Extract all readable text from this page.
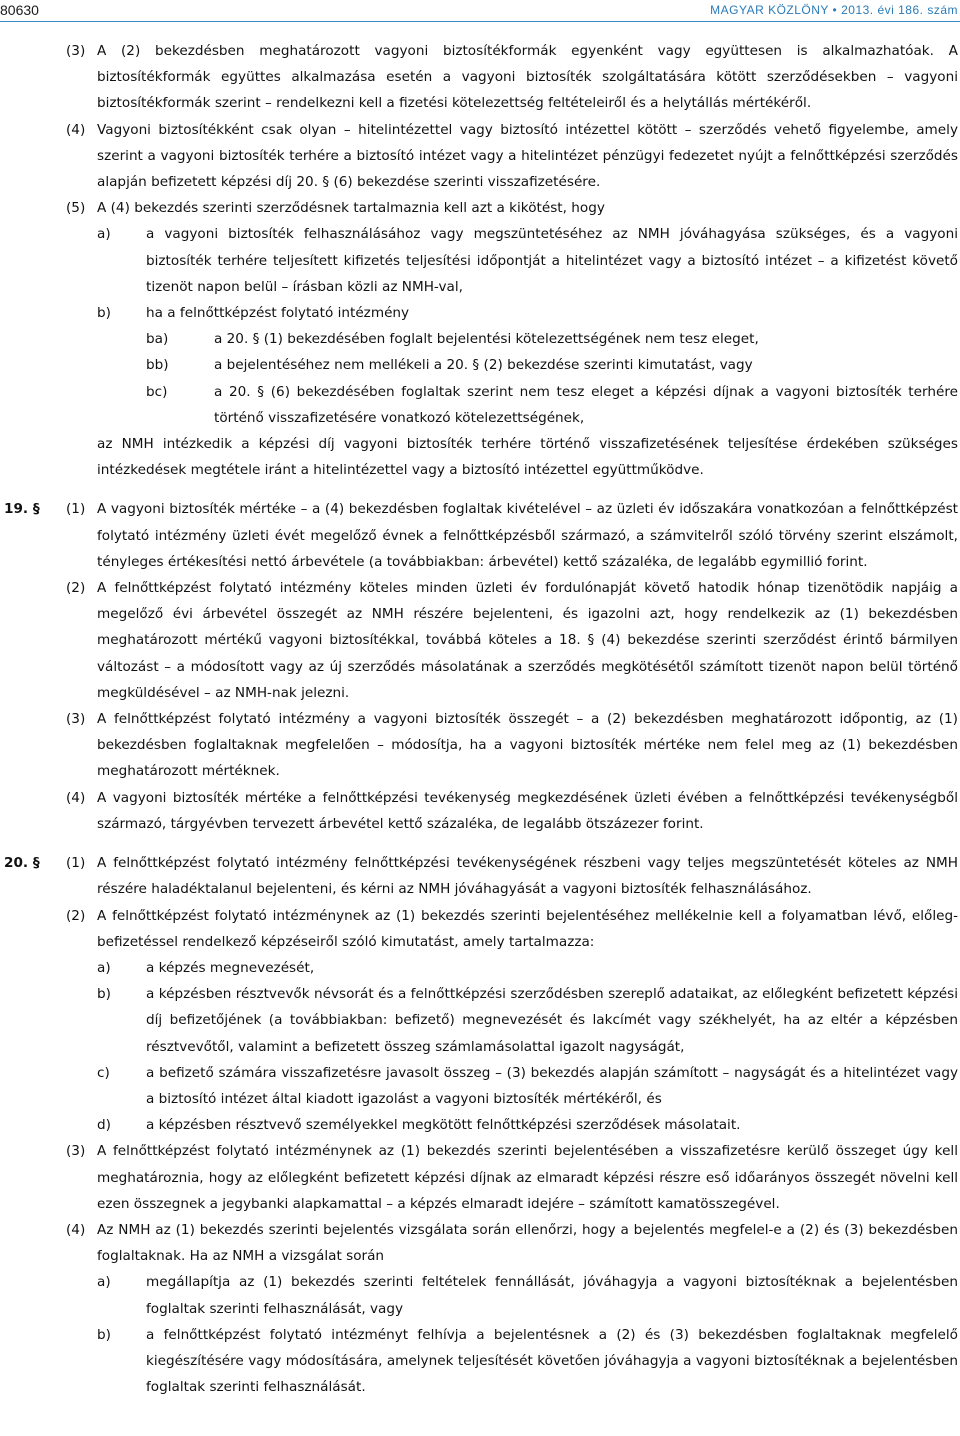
80630	MAGYAR KÖZLÖNY • 2013. évi 186. szám
(3) A (2) bekezdésben meghatározott vagyoni biztosítékformák egyenként vagy együttesen is alkalmazhatóak. A biztosítékformák együttes alkalmazása esetén a vagyoni biztosíték szolgáltatására kötött szerződésekben – vagyoni biztosítékformák szerint – rendelkezni kell a fizetési kötelezettség feltételeiről és a helytállás mértékéről.
(4) Vagyoni biztosítékként csak olyan – hitelintézettel vagy biztosító intézettel kötött – szerződés vehető figyelembe, amely szerint a vagyoni biztosíték terhére a biztosító intézet vagy a hitelintézet pénzügyi fedezetet nyújt a felnőttképzési szerződés alapján befizetett képzési díj 20. § (6) bekezdése szerinti visszafizetésére.
(5) A (4) bekezdés szerinti szerződésnek tartalmaznia kell azt a kikötést, hogy
a)	a vagyoni biztosíték felhasználásához vagy megszüntetéséhez az NMH jóváhagyása szükséges, és a vagyoni biztosíték terhére teljesített kifizetés teljesítési időpontját a hitelintézet vagy a biztosító intézet – a kifizetést követő tizenöt napon belül – írásban közli az NMH-val,
b)	ha a felnőttképzést folytató intézmény
ba)	a 20. § (1) bekezdésében foglalt bejelentési kötelezettségének nem tesz eleget,
bb)	a bejelentéséhez nem mellékeli a 20. § (2) bekezdése szerinti kimutatást, vagy
bc)	a 20. § (6) bekezdésében foglaltak szerint nem tesz eleget a képzési díjnak a vagyoni biztosíték terhére történő visszafizetésére vonatkozó kötelezettségének,
az NMH intézkedik a képzési díj vagyoni biztosíték terhére történő visszafizetésének teljesítése érdekében szükséges intézkedések megtétele iránt a hitelintézettel vagy a biztosító intézettel együttműködve.
19. § (1) A vagyoni biztosíték mértéke – a (4) bekezdésben foglaltak kivételével – az üzleti év időszakára vonatkozóan a felnőttképzést folytató intézmény üzleti évét megelőző évnek a felnőttképzésből származó, a számvitelről szóló törvény szerint elszámolt, tényleges értékesítési nettó árbevétele (a továbbiakban: árbevétel) kettő százaléka, de legalább egymillió forint.
(2) A felnőttképzést folytató intézmény köteles minden üzleti év fordulónapját követő hatodik hónap tizenötödik napjáig a megelőző évi árbevétel összegét az NMH részére bejelenteni, és igazolni azt, hogy rendelkezik az (1) bekezdésben meghatározott mértékű vagyoni biztosítékkal, továbbá köteles a 18. § (4) bekezdése szerinti szerződést érintő bármilyen változást – a módosított vagy az új szerződés másolatának a szerződés megkötésétől számított tizenöt napon belül történő megküldésével – az NMH-nak jelezni.
(3) A felnőttképzést folytató intézmény a vagyoni biztosíték összegét – a (2) bekezdésben meghatározott időpontig, az (1) bekezdésben foglaltaknak megfelelően – módosítja, ha a vagyoni biztosíték mértéke nem felel meg az (1) bekezdésben meghatározott mértéknek.
(4) A vagyoni biztosíték mértéke a felnőttképzési tevékenység megkezdésének üzleti évében a felnőttképzési tevékenységből származó, tárgyévben tervezett árbevétel kettő százaléka, de legalább ötszázezer forint.
20. § (1) A felnőttképzést folytató intézmény felnőttképzési tevékenységének részbeni vagy teljes megszüntetését köteles az NMH részére haladéktalanul bejelenteni, és kérni az NMH jóváhagyását a vagyoni biztosíték felhasználásához.
(2) A felnőttképzést folytató intézménynek az (1) bekezdés szerinti bejelentéséhez mellékelnie kell a folyamatban lévő, előleg-befizetéssel rendelkező képzéseiről szóló kimutatást, amely tartalmazza:
a)	a képzés megnevezését,
b)	a képzésben résztvevők névsorát és a felnőttképzési szerződésben szereplő adataikat, az előlegként befizetett képzési díj befizetőjének (a továbbiakban: befizető) megnevezését és lakcímét vagy székhelyét, ha az eltér a képzésben résztvevőtől, valamint a befizetett összeg számlamásolattal igazolt nagyságát,
c)	a befizető számára visszafizetésre javasolt összeg – (3) bekezdés alapján számított – nagyságát és a hitelintézet vagy a biztosító intézet által kiadott igazolást a vagyoni biztosíték mértékéről, és
d)	a képzésben résztvevő személyekkel megkötött felnőttképzési szerződések másolatait.
(3) A felnőttképzést folytató intézménynek az (1) bekezdés szerinti bejelentésében a visszafizetésre kerülő összeget úgy kell meghatároznia, hogy az előlegként befizetett képzési díjnak az elmaradt képzési részre eső időarányos összegét növelni kell ezen összegnek a jegybanki alapkamattal – a képzés elmaradt idejére – számított kamatösszegével.
(4) Az NMH az (1) bekezdés szerinti bejelentés vizsgálata során ellenőrzi, hogy a bejelentés megfelel-e a (2) és (3) bekezdésben foglaltaknak. Ha az NMH a vizsgálat során
a)	megállapítja az (1) bekezdés szerinti feltételek fennállását, jóváhagyja a vagyoni biztosítéknak a bejelentésben foglaltak szerinti felhasználását, vagy
b)	a felnőttképzést folytató intézményt felhívja a bejelentésnek a (2) és (3) bekezdésben foglaltaknak megfelelő kiegészítésére vagy módosítására, amelynek teljesítését követően jóváhagyja a vagyoni biztosítéknak a bejelentésben foglaltak szerinti felhasználását.
